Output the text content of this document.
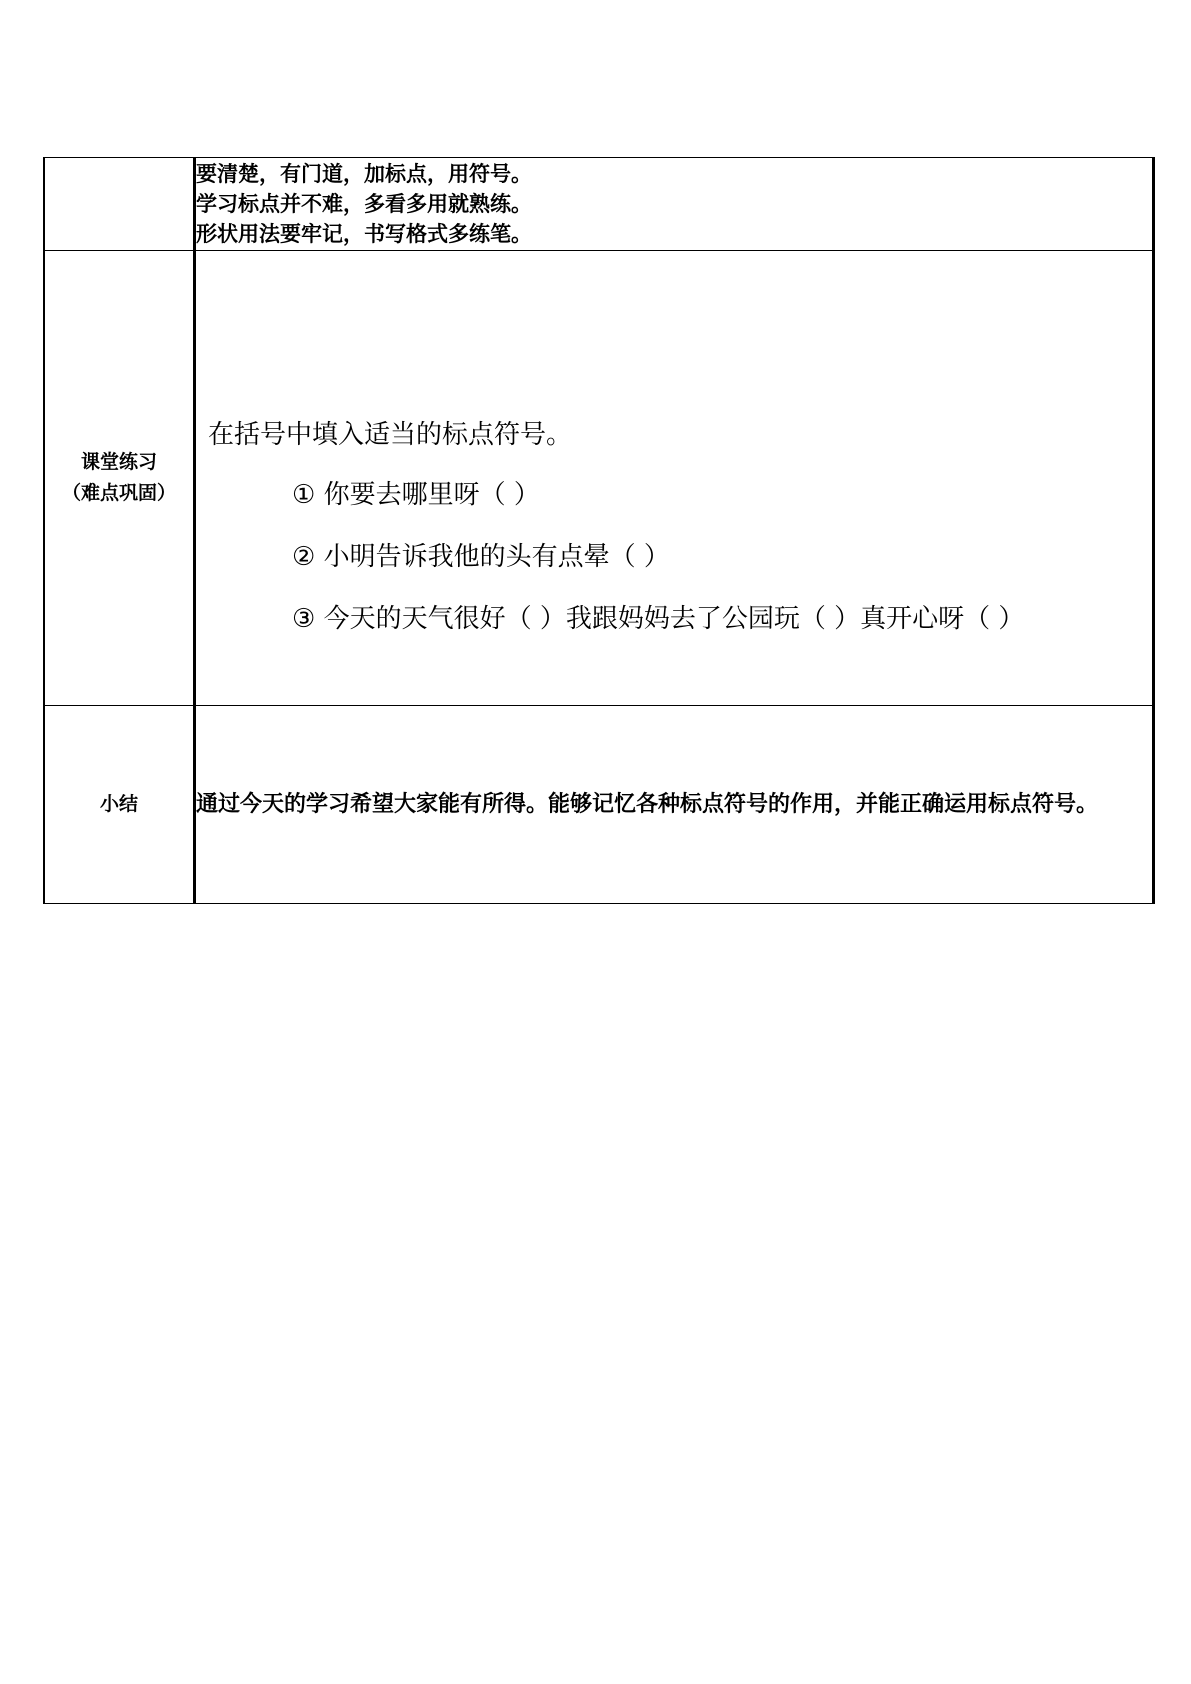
	要清楚，有门道，加标点，用符号。
学习标点并不难，多看多用就熟练。
形状用法要牢记，书写格式多练笔。

课堂练习
（难点巩固）	在括号中填入适当的标点符号。
① 你要去哪里呀（ ）
② 小明告诉我他的头有点晕（ ）
③ 今天的天气很好（ ）我跟妈妈去了公园玩（ ）真开心呀（ ）

小结	通过今天的学习希望大家能有所得。能够记忆各种标点符号的作用，并能正确运用标点符号。
